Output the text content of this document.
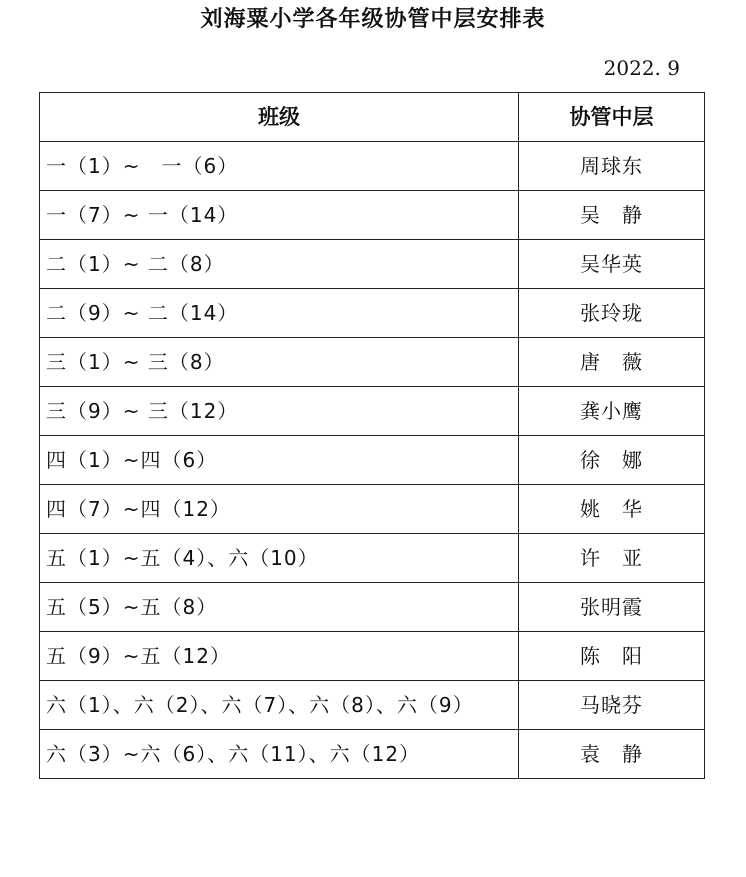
刘海粟小学各年级协管中层安排表
2022. 9
班级	协管中层
一（1）~　一（6）	周球东
一（7）~ 一（14）	吴　静
二（1）~ 二（8）	吴华英
二（9）~ 二（14）	张玲珑
三（1）~ 三（8）	唐　薇
三（9）~ 三（12）	龚小鹰
四（1）~四（6）	徐　娜
四（7）~四（12）	姚　华
五（1）~五（4）、六（10）	许　亚
五（5）~五（8）	张明霞
五（9）~五（12）	陈　阳
六（1）、六（2）、六（7）、六（8）、六（9）	马晓芬
六（3）~六（6）、六（11）、六（12）	袁　静
